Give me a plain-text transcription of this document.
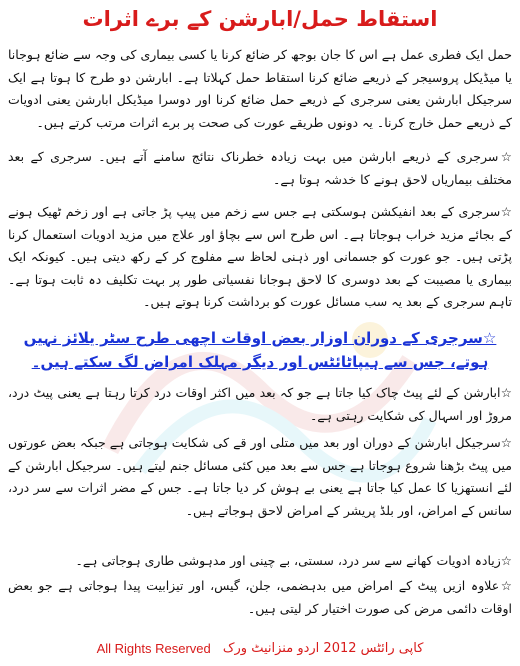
استقاط حمل/ابارشن کے برے اثرات

حمل ایک فطری عمل ہے اس کا جان بوجھ کر ضائع کرنا یا کسی بیماری کی وجہ سے ضائع ہوجانا یا میڈیکل پروسیجر کے ذریعے ضائع کرنا استقاط حمل کہلاتا ہے۔ ابارشن دو طرح کا ہوتا ہے ایک سرجیکل ابارشن یعنی سرجری کے ذریعے حمل ضائع کرنا اور دوسرا میڈیکل ابارشن یعنی ادویات کے ذریعے حمل خارج کرنا۔ یہ دونوں طریقے عورت کی صحت پر برے اثرات مرتب کرتے ہیں۔

☆سرجری کے ذریعے ابارشن میں بہت زیادہ خطرناک نتائج سامنے آتے ہیں۔ سرجری کے بعد مختلف بیماریاں لاحق ہونے کا خدشہ ہوتا ہے۔

☆سرجری کے بعد انفیکشن ہوسکتی ہے جس سے زخم میں پیپ پڑ جاتی ہے اور زخم ٹھیک ہونے کے بجائے مزید خراب ہوجاتا ہے۔ اس طرح اس سے بچاؤ اور علاج میں مزید ادویات استعمال کرنا پڑتی ہیں۔ جو عورت کو جسمانی اور ذہنی لحاظ سے مفلوج کر کے رکھ دیتی ہیں۔ کیونکہ ایک بیماری یا مصیبت کے بعد دوسری کا لاحق ہوجانا نفسیاتی طور پر بہت تکلیف دہ ثابت ہوتا ہے۔ تاہم سرجری کے بعد یہ سب مسائل عورت کو برداشت کرنا ہوتے ہیں۔

☆سرجری کے دوران اوزار بعض اوقات اچھی طرح سٹر یلائز نہیں ہوتے، جس سے ہیپاٹائٹس اور دیگر مہلک امراض لگ سکتے ہیں۔

☆ابارشن کے لئے پیٹ چاک کیا جاتا ہے جو کہ بعد میں اکثر اوقات درد کرتا رہتا ہے یعنی پیٹ درد، مروڑ اور اسہال کی شکایت رہتی ہے۔

☆سرجیکل ابارشن کے دوران اور بعد میں متلی اور قے کی شکایت ہوجاتی ہے جبکہ بعض عورتوں میں پیٹ بڑھنا شروع ہوجاتا ہے جس سے بعد میں کئی مسائل جنم لیتے ہیں۔ سرجیکل ابارشن کے لئے انستھزیا کا عمل کیا جاتا ہے یعنی بے ہوش کر دیا جاتا ہے۔ جس کے مضر اثرات سے سر درد، سانس کے امراض، اور بلڈ پریشر کے امراض لاحق ہوجاتے ہیں۔

☆زیادہ ادویات کھانے سے سر درد، سستی، بے چینی اور مدہوشی طاری ہوجاتی ہے۔

☆علاوہ ازیں پیٹ کے امراض میں بدہضمی، جلن، گیس، اور تیزابیت پیدا ہوجاتی ہے جو بعض اوقات دائمی مرض کی صورت اختیار کر لیتی ہیں۔

All Rights Reserved کاپی رائٹس 2012 اردو منزانیٹ ورک
